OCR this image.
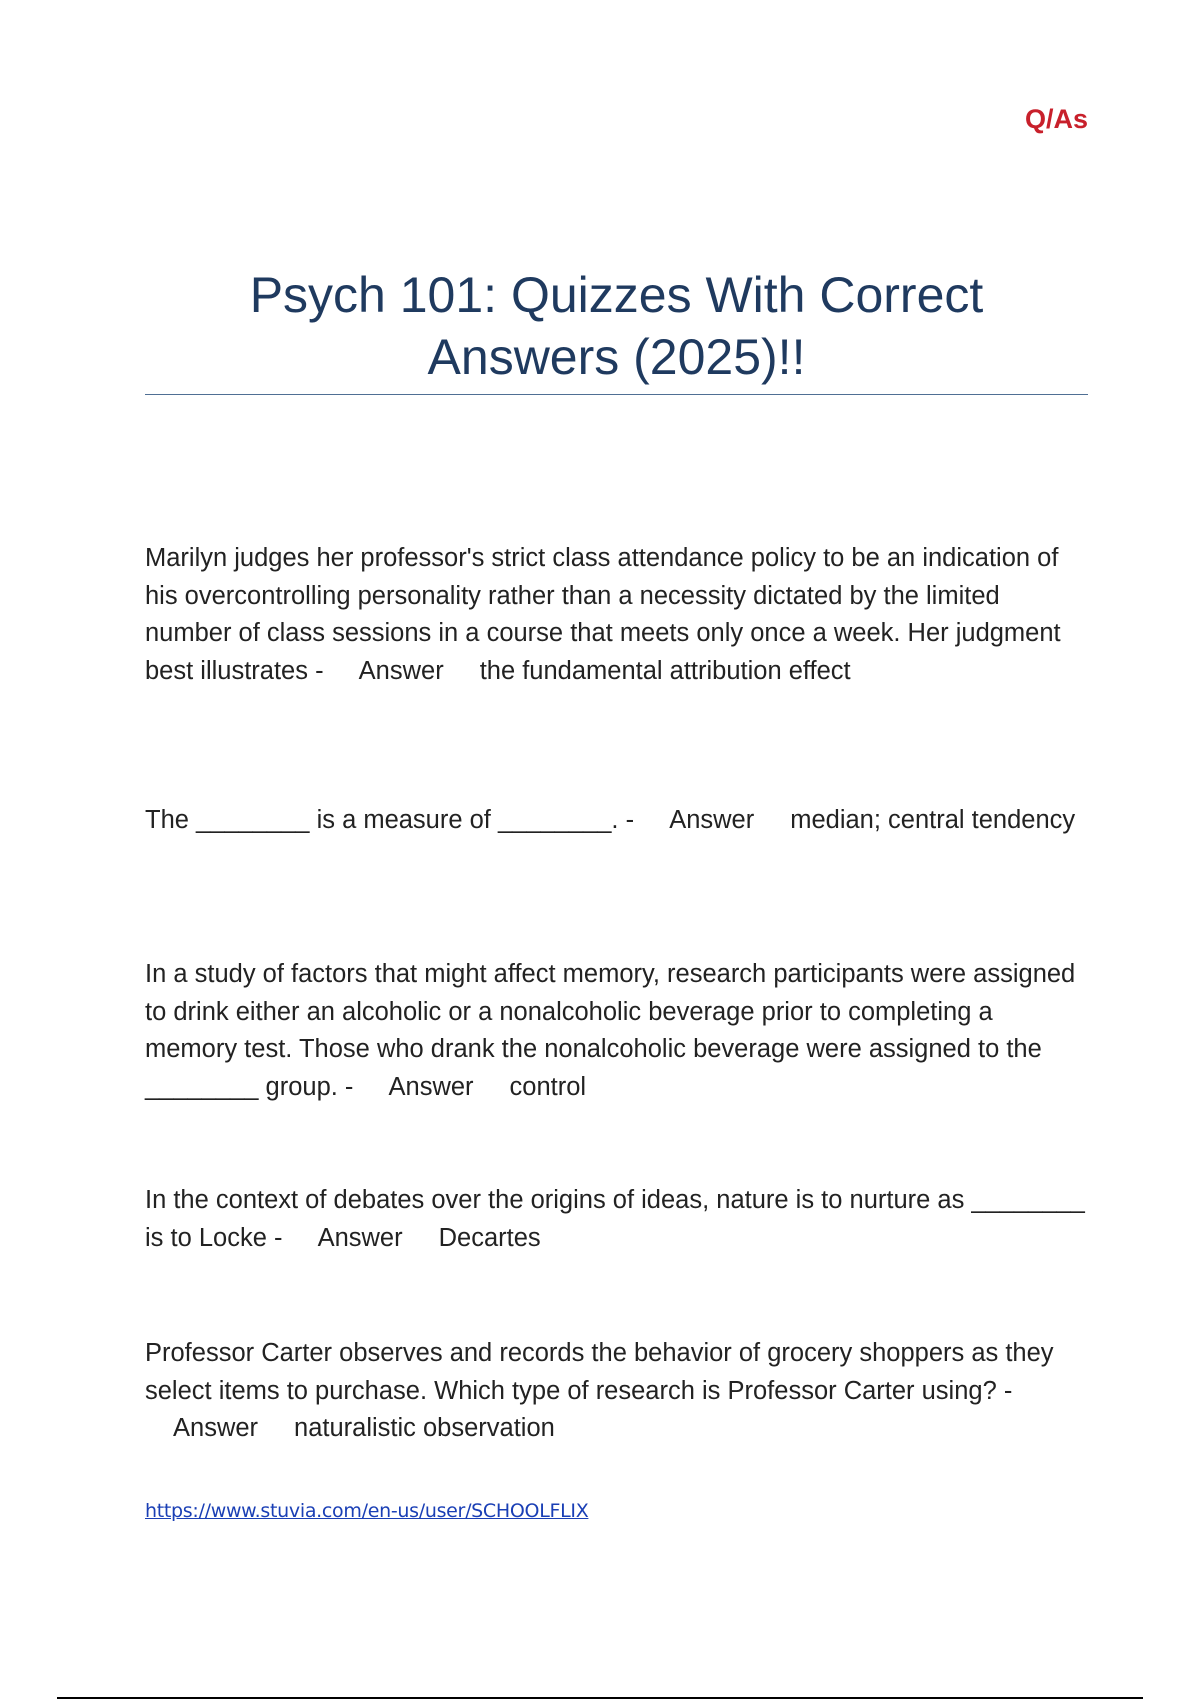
Q/As
Psych 101: Quizzes With Correct
Answers (2025)!!

Marilyn judges her professor's strict class attendance policy to be an indication of his overcontrolling personality rather than a necessity dictated by the limited number of class sessions in a course that meets only once a week. Her judgment best illustrates - Answer the fundamental attribution effect

The ________ is a measure of ________. - Answer median; central tendency

In a study of factors that might affect memory, research participants were assigned to drink either an alcoholic or a nonalcoholic beverage prior to completing a memory test. Those who drank the nonalcoholic beverage were assigned to the ________ group. - Answer control

In the context of debates over the origins of ideas, nature is to nurture as ________ is to Locke - Answer Decartes

Professor Carter observes and records the behavior of grocery shoppers as they select items to purchase. Which type of research is Professor Carter using? - Answer naturalistic observation

https://www.stuvia.com/en-us/user/SCHOOLFLIX
